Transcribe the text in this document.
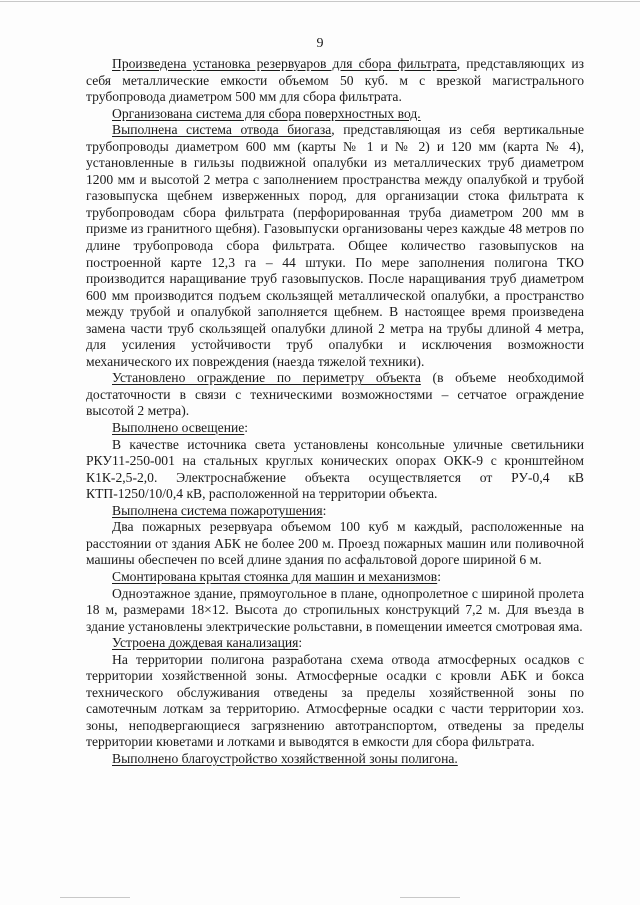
9

Произведена установка резервуаров для сбора фильтрата, представляющих из себя металлические емкости объемом 50 куб. м с врезкой магистрального трубопровода диаметром 500 мм для сбора фильтрата.

Организована система для сбора поверхностных вод.

Выполнена система отвода биогаза, представляющая из себя вертикальные трубопроводы диаметром 600 мм (карты № 1 и № 2) и 120 мм (карта № 4), установленные в гильзы подвижной опалубки из металлических труб диаметром 1200 мм и высотой 2 метра с заполнением пространства между опалубкой и трубой газовыпуска щебнем изверженных пород, для организации стока фильтрата к трубопроводам сбора фильтрата (перфорированная труба диаметром 200 мм в призме из гранитного щебня). Газовыпуски организованы через каждые 48 метров по длине трубопровода сбора фильтрата. Общее количество газовыпусков на построенной карте 12,3 га – 44 штуки. По мере заполнения полигона ТКО производится наращивание труб газовыпусков. После наращивания труб диаметром 600 мм производится подъем скользящей металлической опалубки, а пространство между трубой и опалубкой заполняется щебнем. В настоящее время произведена замена части труб скользящей опалубки длиной 2 метра на трубы длиной 4 метра, для усиления устойчивости труб опалубки и исключения возможности механического их повреждения (наезда тяжелой техники).

Установлено ограждение по периметру объекта (в объеме необходимой достаточности в связи с техническими возможностями – сетчатое ограждение высотой 2 метра).

Выполнено освещение:

В качестве источника света установлены консольные уличные светильники РКУ11-250-001 на стальных круглых конических опорах ОКК-9 с кронштейном К1К-2,5-2,0. Электроснабжение объекта осуществляется от РУ-0,4 кВ КТП-1250/10/0,4 кВ, расположенной на территории объекта.

Выполнена система пожаротушения:

Два пожарных резервуара объемом 100 куб м каждый, расположенные на расстоянии от здания АБК не более 200 м. Проезд пожарных машин или поливочной машины обеспечен по всей длине здания по асфальтовой дороге шириной 6 м.

Смонтирована крытая стоянка для машин и механизмов:

Одноэтажное здание, прямоугольное в плане, однопролетное с шириной пролета 18 м, размерами 18×12. Высота до стропильных конструкций 7,2 м. Для въезда в здание установлены электрические рольставни, в помещении имеется смотровая яма.

Устроена дождевая канализация:

На территории полигона разработана схема отвода атмосферных осадков с территории хозяйственной зоны. Атмосферные осадки с кровли АБК и бокса технического обслуживания отведены за пределы хозяйственной зоны по самотечным лоткам за территорию. Атмосферные осадки с части территории хоз. зоны, неподвергающиеся загрязнению автотранспортом, отведены за пределы территории кюветами и лотками и выводятся в емкости для сбора фильтрата.

Выполнено благоустройство хозяйственной зоны полигона.
